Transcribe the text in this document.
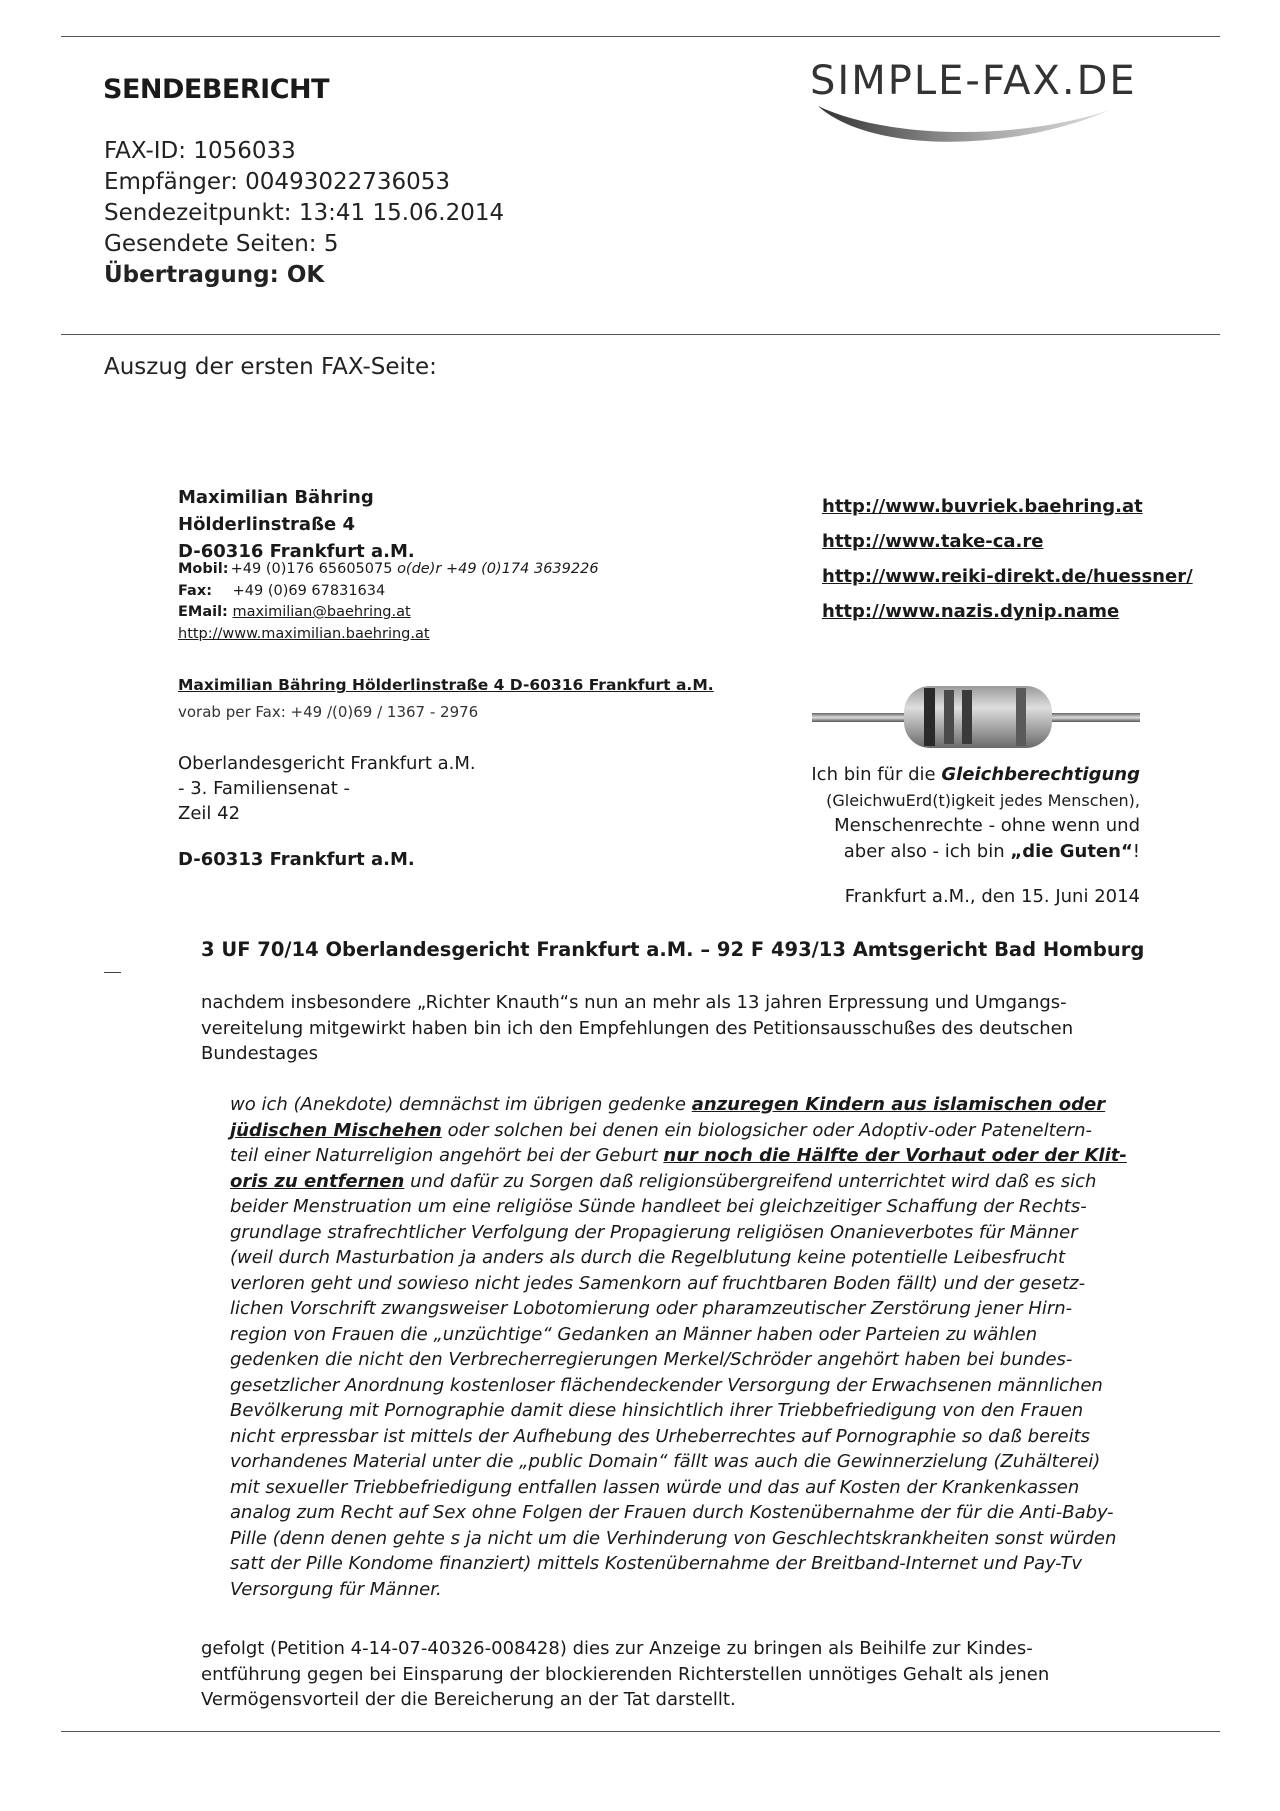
SENDEBERICHT
FAX-ID: 1056033
Empfänger: 00493022736053
Sendezeitpunkt: 13:41 15.06.2014
Gesendete Seiten: 5
Übertragung: OK
SIMPLE-FAX.DE
Auszug der ersten FAX-Seite:
Maximilian Bähring
Hölderlinstraße 4
D-60316 Frankfurt a.M.
Mobil: +49 (0)176 65605075 o(de)r +49 (0)174 3639226
Fax: +49 (0)69 67831634
EMail: maximilian@baehring.at
http://www.maximilian.baehring.at
http://www.buvriek.baehring.at
http://www.take-ca.re
http://www.reiki-direkt.de/huessner/
http://www.nazis.dynip.name
Maximilian Bähring Hölderlinstraße 4 D-60316 Frankfurt a.M.
vorab per Fax: +49 /(0)69 / 1367 - 2976
Oberlandesgericht Frankfurt a.M.
- 3. Familiensenat -
Zeil 42
D-60313 Frankfurt a.M.
Ich bin für die Gleichberechtigung
(GleichwuErd(t)igkeit jedes Menschen),
Menschenrechte - ohne wenn und
aber also - ich bin „die Guten“!
Frankfurt a.M., den 15. Juni 2014
3 UF 70/14 Oberlandesgericht Frankfurt a.M. – 92 F 493/13 Amtsgericht Bad Homburg
nachdem insbesondere „Richter Knauth“s nun an mehr als 13 jahren Erpressung und Umgangs-
vereitelung mitgewirkt haben bin ich den Empfehlungen des Petitionsausschußes des deutschen
Bundestages
wo ich (Anekdote) demnächst im übrigen gedenke anzuregen Kindern aus islamischen oder
jüdischen Mischehen oder solchen bei denen ein biologsicher oder Adoptiv-oder Pateneltern-
teil einer Naturreligion angehört bei der Geburt nur noch die Hälfte der Vorhaut oder der Klit-
oris zu entfernen und dafür zu Sorgen daß religionsübergreifend unterrichtet wird daß es sich
beider Menstruation um eine religiöse Sünde handleet bei gleichzeitiger Schaffung der Rechts-
grundlage strafrechtlicher Verfolgung der Propagierung religiösen Onanieverbotes für Männer
(weil durch Masturbation ja anders als durch die Regelblutung keine potentielle Leibesfrucht
verloren geht und sowieso nicht jedes Samenkorn auf fruchtbaren Boden fällt) und der gesetz-
lichen Vorschrift zwangsweiser Lobotomierung oder pharamzeutischer Zerstörung jener Hirn-
region von Frauen die „unzüchtige“ Gedanken an Männer haben oder Parteien zu wählen
gedenken die nicht den Verbrecherregierungen Merkel/Schröder angehört haben bei bundes-
gesetzlicher Anordnung kostenloser flächendeckender Versorgung der Erwachsenen männlichen
Bevölkerung mit Pornographie damit diese hinsichtlich ihrer Triebbefriedigung von den Frauen
nicht erpressbar ist mittels der Aufhebung des Urheberrechtes auf Pornographie so daß bereits
vorhandenes Material unter die „public Domain“ fällt was auch die Gewinnerzielung (Zuhälterei)
mit sexueller Triebbefriedigung entfallen lassen würde und das auf Kosten der Krankenkassen
analog zum Recht auf Sex ohne Folgen der Frauen durch Kostenübernahme der für die Anti-Baby-
Pille (denn denen gehte s ja nicht um die Verhinderung von Geschlechtskrankheiten sonst würden
satt der Pille Kondome finanziert) mittels Kostenübernahme der Breitband-Internet und Pay-Tv
Versorgung für Männer.
gefolgt (Petition 4-14-07-40326-008428) dies zur Anzeige zu bringen als Beihilfe zur Kindes-
entführung gegen bei Einsparung der blockierenden Richterstellen unnötiges Gehalt als jenen
Vermögensvorteil der die Bereicherung an der Tat darstellt.
